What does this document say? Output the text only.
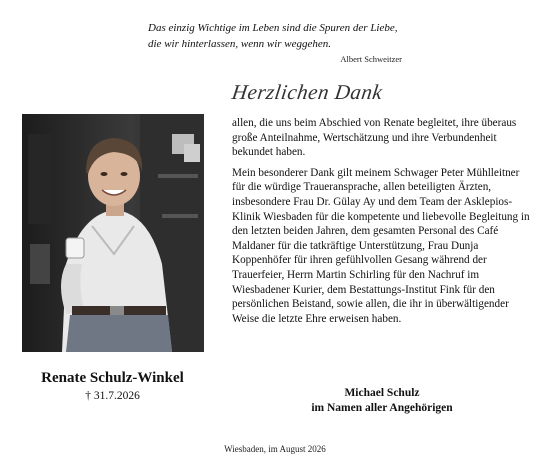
Das einzig Wichtige im Leben sind die Spuren der Liebe,
die wir hinterlassen, wenn wir weggehen.
Albert Schweitzer
Herzlichen Dank
Renate Schulz-Winkel
† 31.7.2026

allen, die uns beim Abschied von Renate begleitet, ihre überaus große Anteilnahme, Wertschätzung und ihre Verbundenheit bekundet haben.

Mein besonderer Dank gilt meinem Schwager Peter Mühlleitner für die würdige Traueransprache, allen beteiligten Ärzten, insbesondere Frau Dr. Gülay Ay und dem Team der Asklepios-Klinik Wiesbaden für die kompetente und liebevolle Begleitung in den letzten beiden Jahren, dem gesamten Personal des Café Maldaner für die tatkräftige Unterstützung, Frau Dunja Koppenhöfer für ihren gefühlvollen Gesang während der Trauerfeier, Herrn Martin Schirling für den Nachruf im Wiesbadener Kurier, dem Bestattungs-Institut Fink für den persönlichen Beistand, sowie allen, die ihr in überwältigender Weise die letzte Ehre erweisen haben.

Michael Schulz
im Namen aller Angehörigen
Wiesbaden, im August 2026
